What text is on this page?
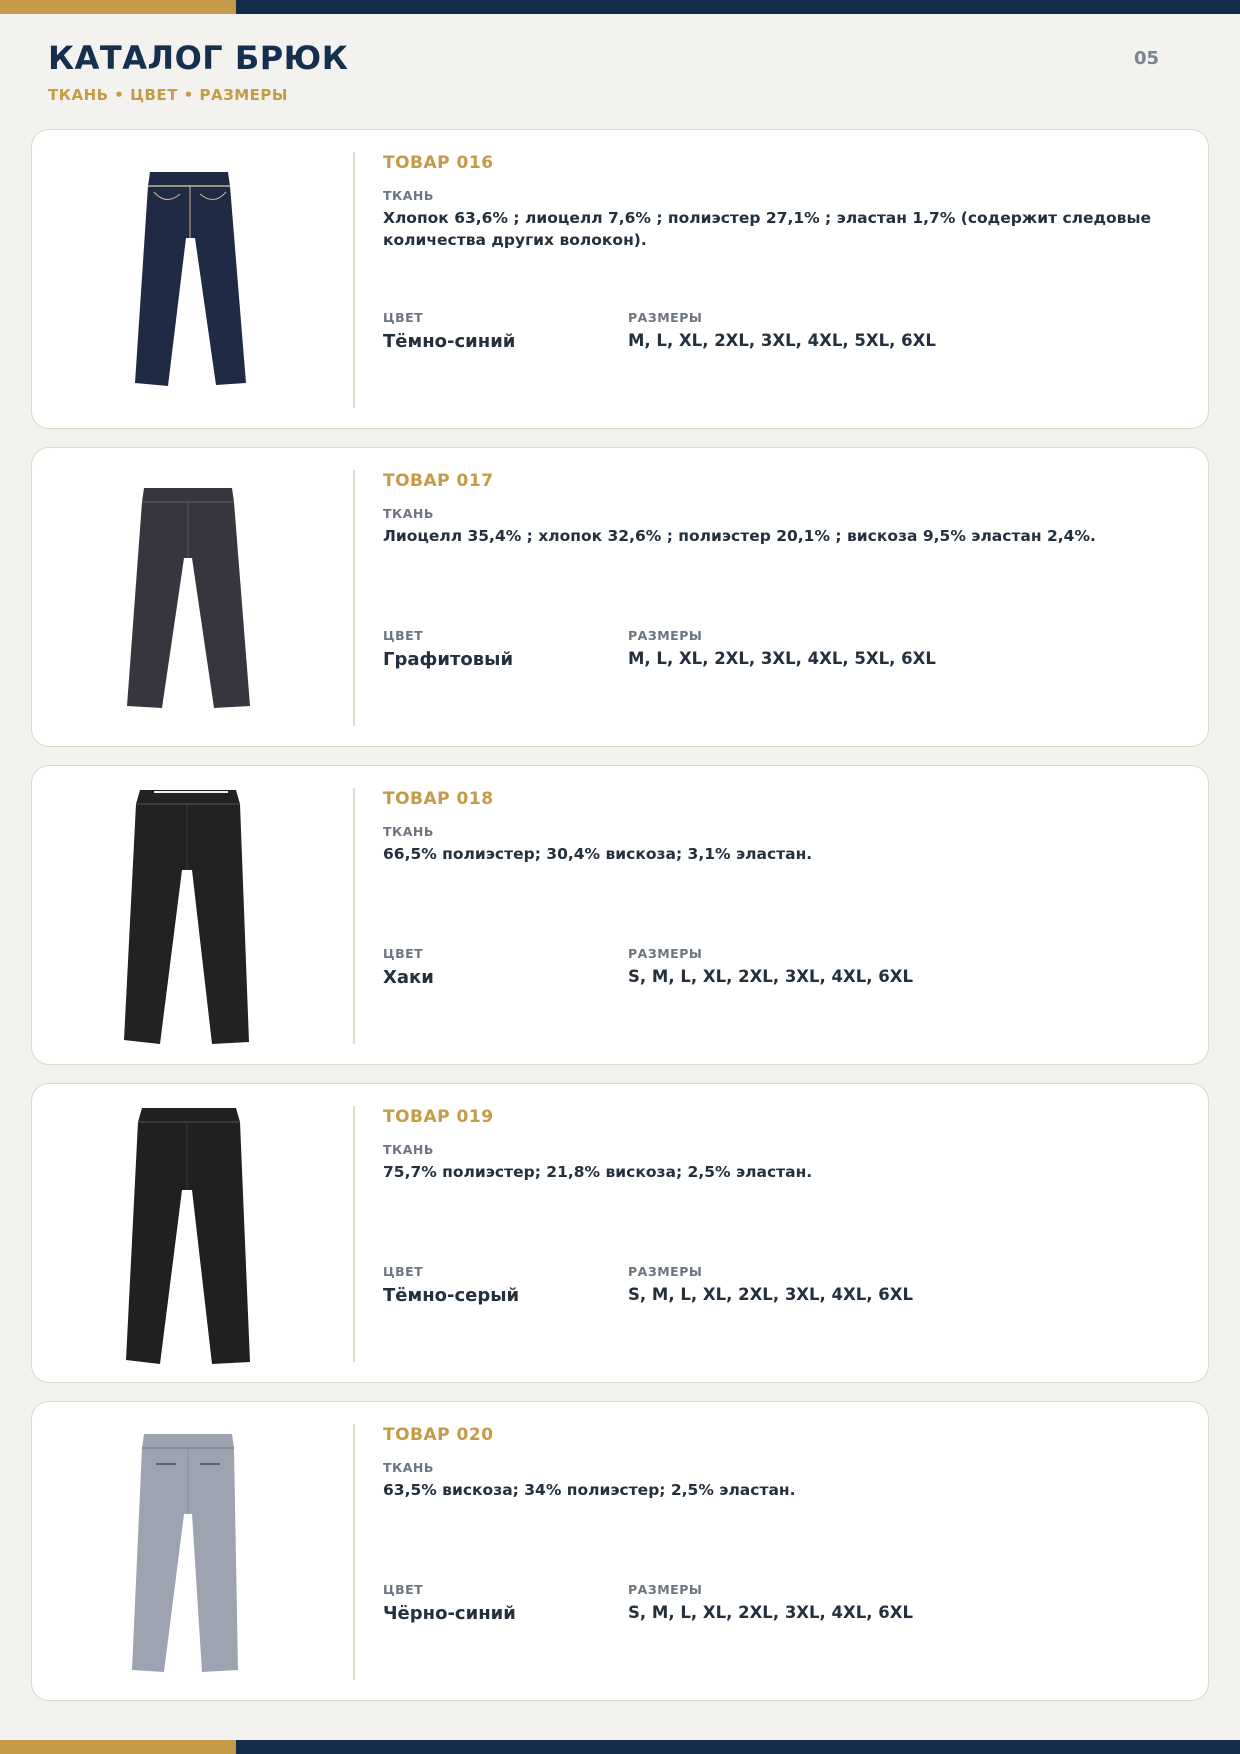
КАТАЛОГ БРЮК
ТКАНЬ • ЦВЕТ • РАЗМЕРЫ
05
ТОВАР 016
ТКАНЬ
Хлопок 63,6% ; лиоцелл 7,6% ; полиэстер 27,1% ; эластан 1,7% (содержит следовые количества других волокон).
ЦВЕТ
Тёмно-синий
РАЗМЕРЫ
M, L, XL, 2XL, 3XL, 4XL, 5XL, 6XL
ТОВАР 017
ТКАНЬ
Лиоцелл 35,4% ; хлопок 32,6% ; полиэстер 20,1% ; вискоза 9,5% эластан 2,4%.
ЦВЕТ
Графитовый
РАЗМЕРЫ
M, L, XL, 2XL, 3XL, 4XL, 5XL, 6XL
ТОВАР 018
ТКАНЬ
66,5% полиэстер; 30,4% вискоза; 3,1% эластан.
ЦВЕТ
Хаки
РАЗМЕРЫ
S, M, L, XL, 2XL, 3XL, 4XL, 6XL
ТОВАР 019
ТКАНЬ
75,7% полиэстер; 21,8% вискоза; 2,5% эластан.
ЦВЕТ
Тёмно-серый
РАЗМЕРЫ
S, M, L, XL, 2XL, 3XL, 4XL, 6XL
ТОВАР 020
ТКАНЬ
63,5% вискоза; 34% полиэстер; 2,5% эластан.
ЦВЕТ
Чёрно-синий
РАЗМЕРЫ
S, M, L, XL, 2XL, 3XL, 4XL, 6XL
